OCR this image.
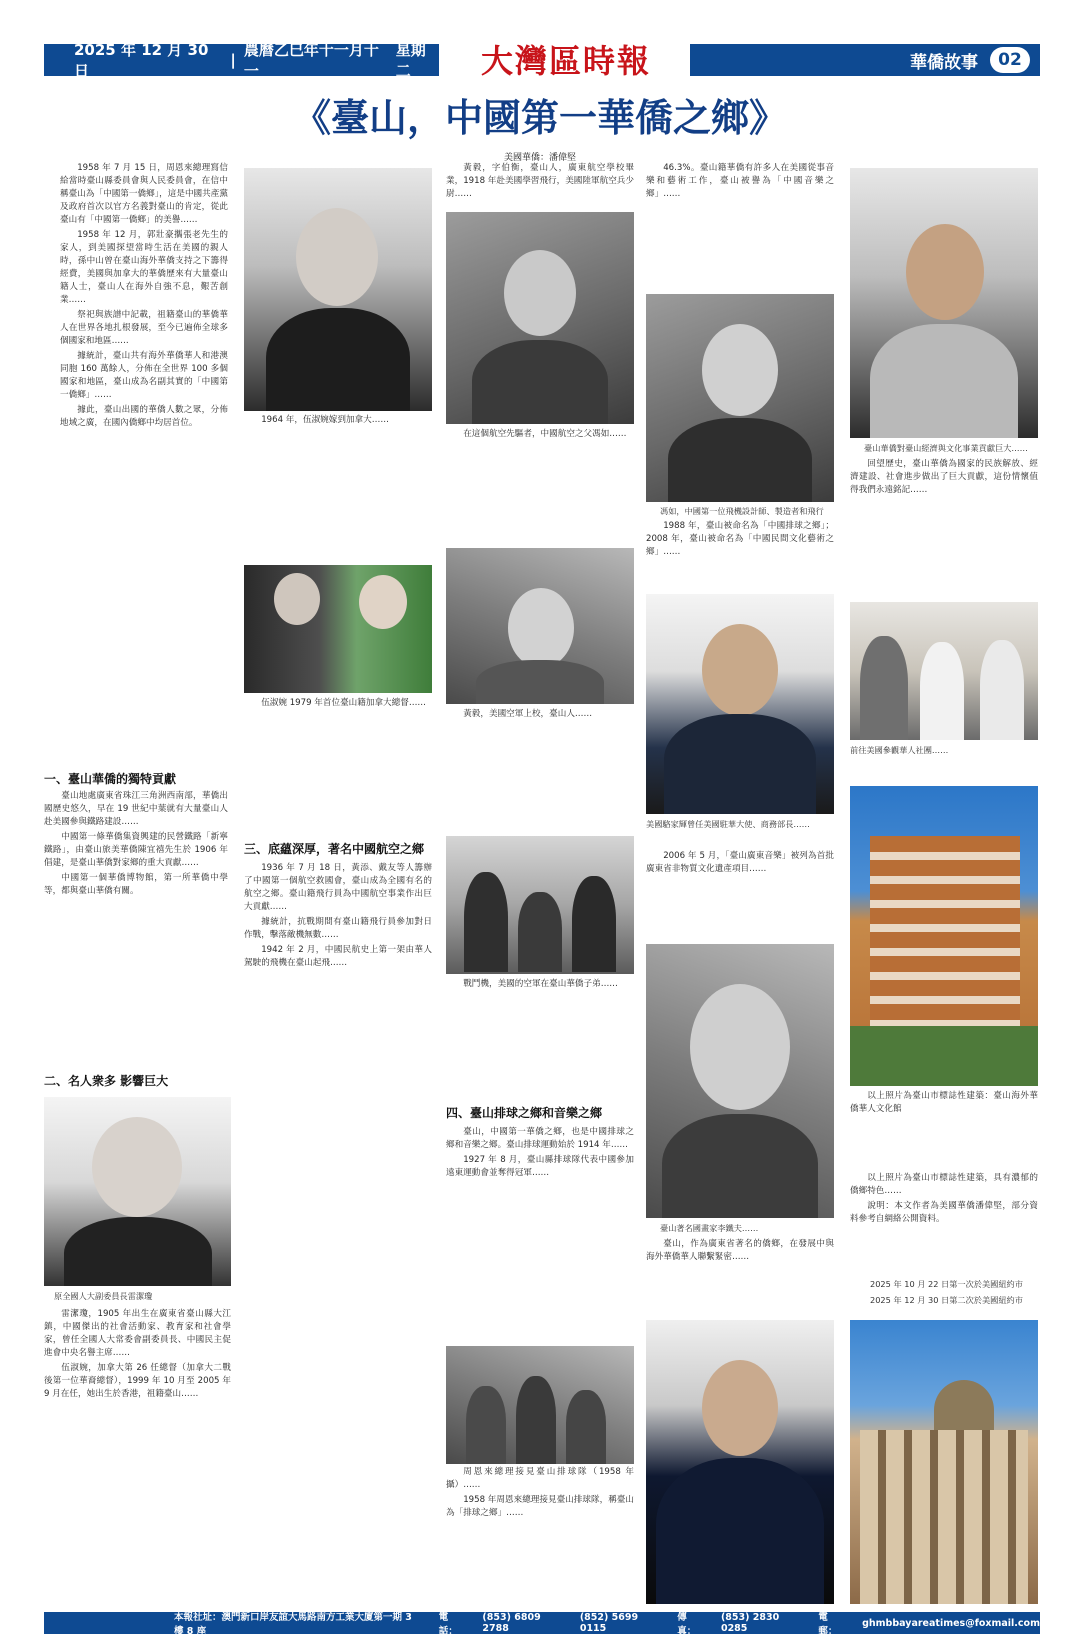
2025 年 12 月 30 日
|
農曆乙巳年十一月十一
星期二	大灣區時報	華僑故事	02
《臺山，中國第一華僑之鄉》
美國華僑：潘偉堅

1958 年 7 月 15 日，周恩來總理寫信給當時臺山縣委員會與人民委員會，在信中稱臺山為「中國第一僑鄉」，這是中國共產黨及政府首次以官方名義對臺山的肯定，從此臺山有「中國第一僑鄉」的美譽……

1958 年 12 月，郭壯豪攜張老先生的家人，到美國探望當時生活在美國的親人時，孫中山曾在臺山海外華僑支持之下籌得經費，美國與加拿大的華僑歷來有大量臺山籍人士，臺山人在海外自強不息，艱苦創業……

祭祀與族譜中記載，祖籍臺山的華僑華人在世界各地扎根發展，至今已遍佈全球多個國家和地區……

據統計，臺山共有海外華僑華人和港澳同胞 160 萬餘人，分佈在全世界 100 多個國家和地區，臺山成為名副其實的「中國第一僑鄉」……

據此，臺山出國的華僑人數之眾，分佈地域之廣，在國內僑鄉中均居首位。

一、臺山華僑的獨特貢獻

臺山地處廣東省珠江三角洲西南部，華僑出國歷史悠久，早在 19 世紀中葉就有大量臺山人赴美國參與鐵路建設……

中國第一條華僑集資興建的民營鐵路「新寧鐵路」，由臺山旅美華僑陳宜禧先生於 1906 年倡建，是臺山華僑對家鄉的重大貢獻……

中國第一個華僑博物館，第一所華僑中學等，都與臺山華僑有關。

二、名人衆多 影響巨大
原全國人大副委員長雷潔瓊

雷潔瓊，1905 年出生在廣東省臺山縣大江鎮，中國傑出的社會活動家、教育家和社會學家，曾任全國人大常委會副委員長、中國民主促進會中央名譽主席……

伍淑婉，加拿大第 26 任總督（加拿大二戰後第一位華裔總督），1999 年 10 月至 2005 年 9 月在任，她出生於香港，祖籍臺山……

1964 年，伍淑婉嫁到加拿大……

伍淑婉 1979 年首位臺山籍加拿大總督……

三、底蘊深厚，著名中國航空之鄉

1936 年 7 月 18 日，黃添、戴友等人籌辦了中國第一個航空救國會，臺山成為全國有名的航空之鄉。臺山籍飛行員為中國航空事業作出巨大貢獻……

據統計，抗戰期間有臺山籍飛行員參加對日作戰，擊落敵機無數……

1942 年 2 月，中國民航史上第一架由華人駕駛的飛機在臺山起飛……

黃毅，字伯衡，臺山人，廣東航空學校畢業，1918 年赴美國學習飛行，美國陸軍航空兵少尉……

在這個航空先驅者，中國航空之父馮如……

黃毅，美國空軍上校，臺山人……

戰鬥機，美國的空軍在臺山華僑子弟……

四、臺山排球之鄉和音樂之鄉

臺山，中國第一華僑之鄉，也是中國排球之鄉和音樂之鄉。臺山排球運動始於 1914 年……

1927 年 8 月，臺山縣排球隊代表中國參加遠東運動會並奪得冠軍……

周恩來總理接見臺山排球隊（1958 年攝）……

1958 年周恩來總理接見臺山排球隊，稱臺山為「排球之鄉」……

46.3%。臺山籍華僑有許多人在美國從事音樂和藝術工作，臺山被譽為「中國音樂之鄉」……

馮如，中國第一位飛機設計師、製造者和飛行

1988 年，臺山被命名為「中國排球之鄉」；2008 年，臺山被命名為「中國民間文化藝術之鄉」……

美國駱家輝曾任美國駐華大使、商務部長……

2006 年 5 月，「臺山廣東音樂」被列為首批廣東省非物質文化遺產項目……

臺山著名國畫家李鐵夫……

臺山，作為廣東省著名的僑鄉，在發展中與海外華僑華人聯繫緊密……

臺山華僑對臺山經濟與文化事業貢獻巨大……

回望歷史，臺山華僑為國家的民族解放、經濟建設、社會進步做出了巨大貢獻，這份情懷值得我們永遠銘記……

前往美國參觀華人社團……

以上照片為臺山市標誌性建築：臺山海外華僑華人文化館

以上照片為臺山市標誌性建築，具有濃郁的僑鄉特色……

說明：本文作者為美國華僑潘偉堅，部分資料參考自網絡公開資料。

2025 年 10 月 22 日第一次於美國紐約市
2025 年 12 月 30 日第二次於美國紐約市
本報社址：澳門新口岸友誼大馬路南方工業大廈第一期 3 樓 8 座
電話：
(853) 6809 2788
(852) 5699 0115
傳真：
(853) 2830 0285
電郵：
ghmbbayareatimes@foxmail.com
